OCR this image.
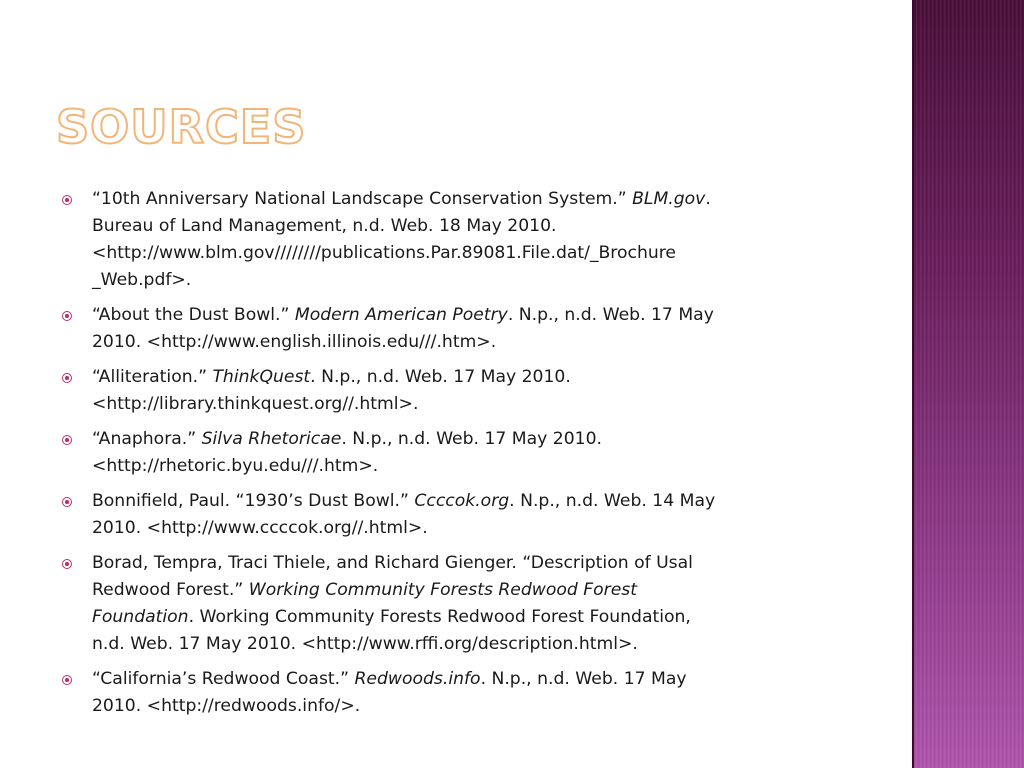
SOURCES
“10th Anniversary National Landscape Conservation System.” BLM.gov.
Bureau of Land Management, n.d. Web. 18 May 2010.
<http://www.blm.gov////////publications.Par.89081.File.dat/_Brochure
_Web.pdf>.
“About the Dust Bowl.” Modern American Poetry. N.p., n.d. Web. 17 May
2010. <http://www.english.illinois.edu///.htm>.
“Alliteration.” ThinkQuest. N.p., n.d. Web. 17 May 2010.
<http://library.thinkquest.org//.html>.
“Anaphora.” Silva Rhetoricae. N.p., n.d. Web. 17 May 2010.
<http://rhetoric.byu.edu///.htm>.
Bonnifield, Paul. “1930’s Dust Bowl.” Ccccok.org. N.p., n.d. Web. 14 May
2010. <http://www.ccccok.org//.html>.
Borad, Tempra, Traci Thiele, and Richard Gienger. “Description of Usal
Redwood Forest.” Working Community Forests Redwood Forest
Foundation. Working Community Forests Redwood Forest Foundation,
n.d. Web. 17 May 2010. <http://www.rffi.org/description.html>.
“California’s Redwood Coast.” Redwoods.info. N.p., n.d. Web. 17 May
2010. <http://redwoods.info/>.
